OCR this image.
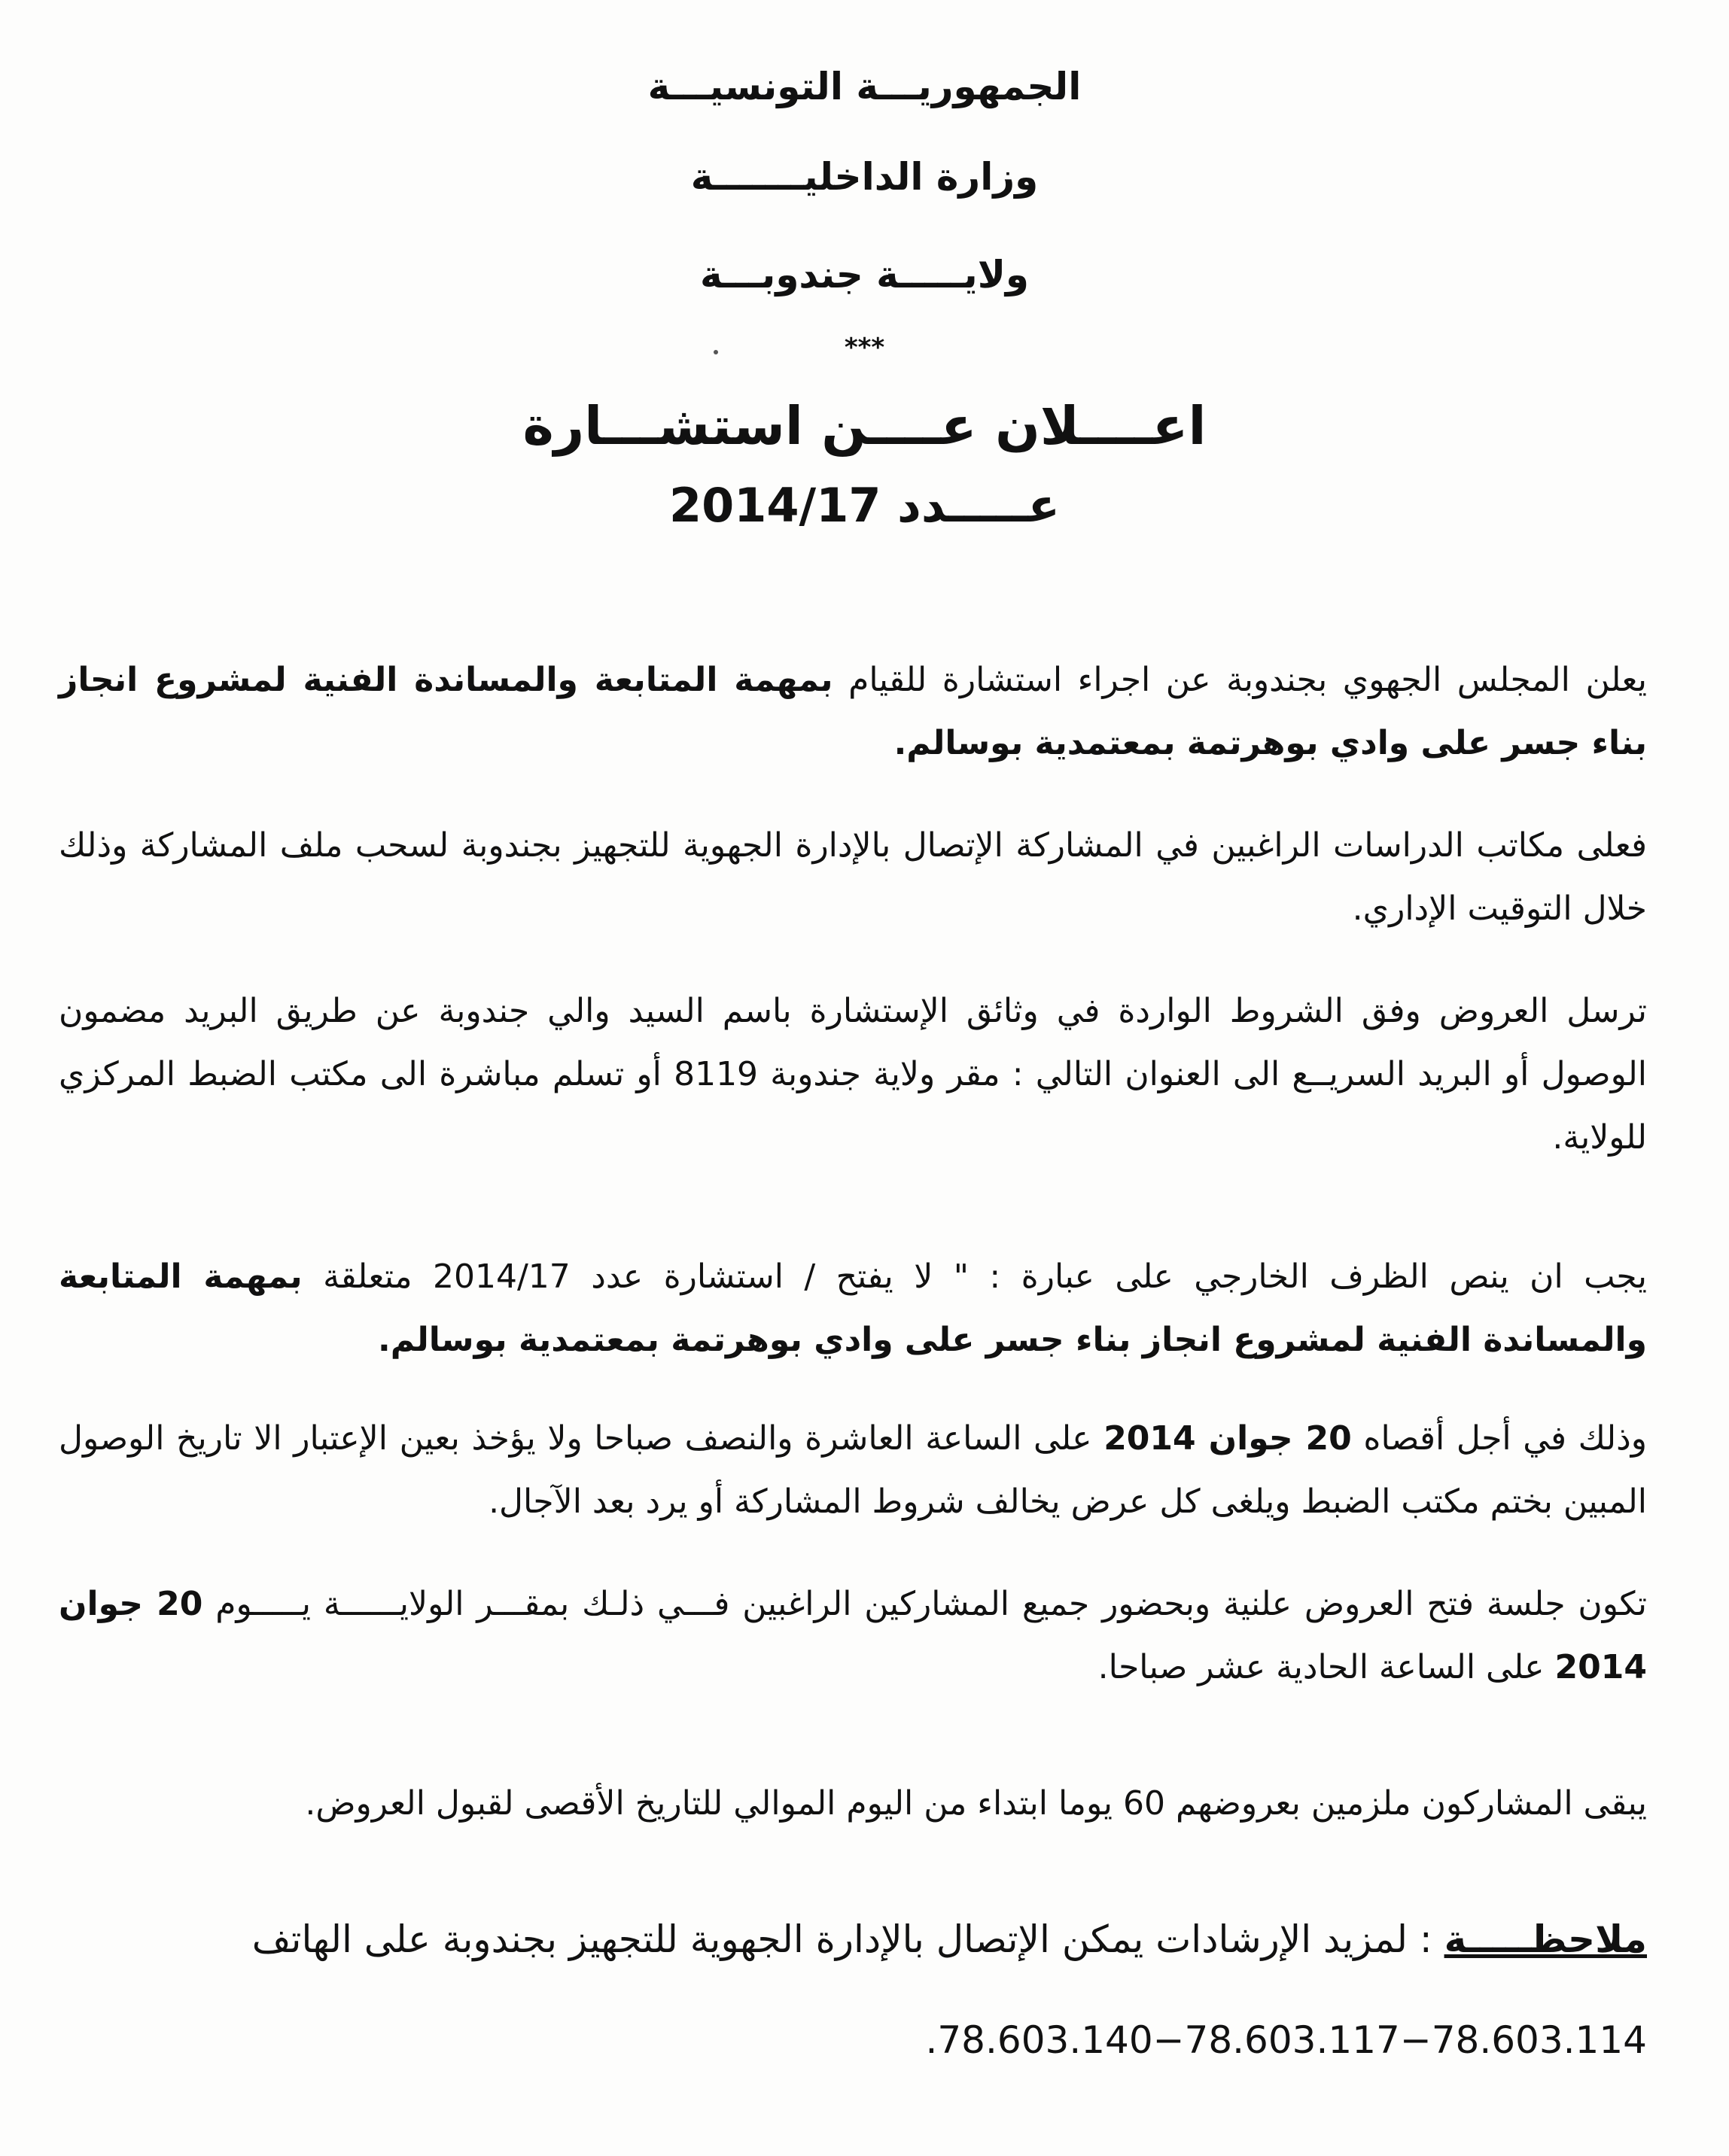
الجمهوريـــة التونسيـــة
وزارة الداخليـــــــة
ولايـــــة جندوبـــة
***
اعــــلان عــــن استشـــارة
عـــــدد 2014/17
يعلن المجلس الجهوي بجندوبة عن اجراء استشارة للقيام بمهمة المتابعة والمساندة الفنية لمشروع انجاز بناء جسر على وادي بوهرتمة بمعتمدية بوسالم.
فعلى مكاتب الدراسات الراغبين في المشاركة الإتصال بالإدارة الجهوية للتجهيز بجندوبة لسحب ملف المشاركة وذلك خلال التوقيت الإداري.
ترسل العروض وفق الشروط الواردة في وثائق الإستشارة باسم السيد والي جندوبة عن طريق البريد مضمون الوصول أو البريد السريــع الى العنوان التالي : مقر ولاية جندوبة 8119 أو تسلم مباشرة الى مكتب الضبط المركزي للولاية.
يجب ان ينص الظرف الخارجي على عبارة : " لا يفتح / استشارة عدد 2014/17 متعلقة بمهمة المتابعة والمساندة الفنية لمشروع انجاز بناء جسر على وادي بوهرتمة بمعتمدية بوسالم.
وذلك في أجل أقصاه 20 جوان 2014 على الساعة العاشرة والنصف صباحا ولا يؤخذ بعين الإعتبار الا تاريخ الوصول المبين بختم مكتب الضبط ويلغى كل عرض يخالف شروط المشاركة أو يرد بعد الآجال.
تكون جلسة فتح العروض علنية وبحضور جميع المشاركين الراغبين فـــي ذلـك بمقـــر الولايــــــة يـــــوم 20 جوان 2014 على الساعة الحادية عشر صباحا.
يبقى المشاركون ملزمين بعروضهم 60 يوما ابتداء من اليوم الموالي للتاريخ الأقصى لقبول العروض.
ملاحظـــــة : لمزيد الإرشادات يمكن الإتصال بالإدارة الجهوية للتجهيز بجندوبة على الهاتف
.78.603.140−78.603.117−78.603.114
